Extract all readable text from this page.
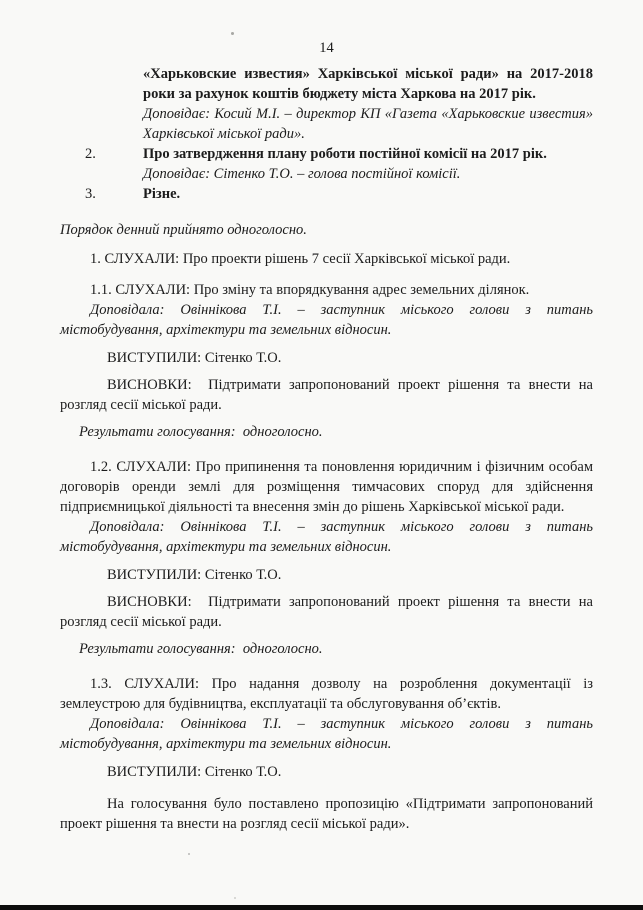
14

«Харьковские известия» Харківської міської ради» на 2017-2018 роки за рахунок коштів бюджету міста Харкова на 2017 рік.

Доповідає: Косий М.І. – директор КП «Газета «Харьковские известия» Харківської міської ради».

2.	Про затвердження плану роботи постійної комісії на 2017 рік.

Доповідає: Сітенко Т.О. – голова постійної комісії.

3.	Різне.

Порядок денний прийнято одноголосно.

1. СЛУХАЛИ: Про проекти рішень 7 сесії Харківської міської ради.

1.1. СЛУХАЛИ: Про зміну та впорядкування адрес земельних ділянок.

Доповідала: Овіннікова Т.І. – заступник міського голови з питань містобудування, архітектури та земельних відносин.

ВИСТУПИЛИ: Сітенко Т.О.

ВИСНОВКИ:  Підтримати запропонований проект рішення та внести на розгляд сесії міської ради.

Результати голосування:  одноголосно.

1.2. СЛУХАЛИ: Про припинення та поновлення юридичним і фізичним особам договорів оренди землі для розміщення тимчасових споруд для здійснення підприємницької діяльності та внесення змін до рішень Харківської міської ради.

Доповідала: Овіннікова Т.І. – заступник міського голови з питань містобудування, архітектури та земельних відносин.

ВИСТУПИЛИ: Сітенко Т.О.

ВИСНОВКИ:  Підтримати запропонований проект рішення та внести на розгляд сесії міської ради.

Результати голосування:  одноголосно.

1.3. СЛУХАЛИ: Про надання дозволу на розроблення документації із землеустрою для будівництва, експлуатації та обслуговування об’єктів.

Доповідала: Овіннікова Т.І. – заступник міського голови з питань містобудування, архітектури та земельних відносин.

ВИСТУПИЛИ: Сітенко Т.О.

На голосування було поставлено пропозицію «Підтримати запропонований проект рішення та внести на розгляд сесії міської ради».
